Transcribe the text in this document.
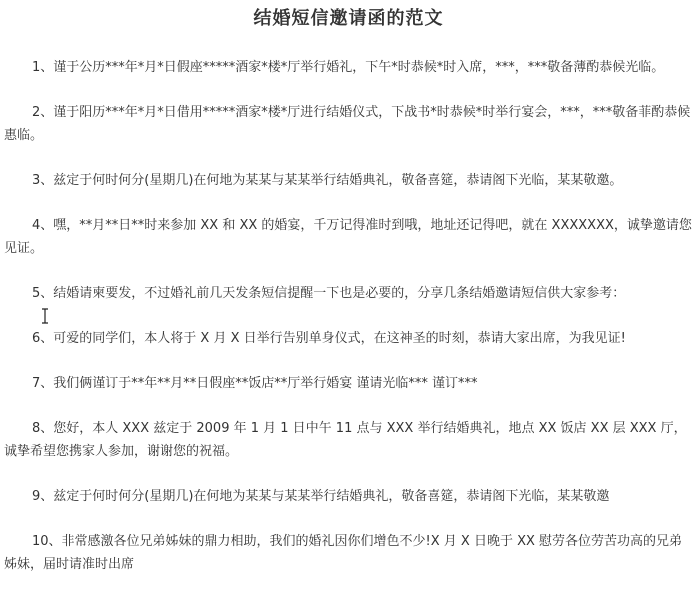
结婚短信邀请函的范文

1、谨于公历***年*月*日假座*****酒家*楼*厅举行婚礼，下午*时恭候*时入席，***，***敬备薄酌恭候光临。

2、谨于阳历***年*月*日借用*****酒家*楼*厅进行结婚仪式，下战书*时恭候*时举行宴会，***，***敬备菲酌恭候惠临。

3、兹定于何时何分(星期几)在何地为某某与某某举行结婚典礼，敬备喜筵，恭请阁下光临，某某敬邀。

4、嘿，**月**日**时来参加 XX 和 XX 的婚宴，千万记得准时到哦，地址还记得吧，就在 XXXXXXX，诚挚邀请您见证。

5、结婚请柬要发，不过婚礼前几天发条短信提醒一下也是必要的，分享几条结婚邀请短信供大家参考：

6、可爱的同学们，本人将于 X 月 X 日举行告别单身仪式，在这神圣的时刻，恭请大家出席，为我见证!

7、我们俩谨订于**年**月**日假座**饭店**厅举行婚宴 谨请光临*** 谨订***

8、您好，本人 XXX 兹定于 2009 年 1 月 1 日中午 11 点与 XXX 举行结婚典礼，地点 XX 饭店 XX 层 XXX 厅，诚挚希望您携家人参加，谢谢您的祝福。

9、兹定于何时何分(星期几)在何地为某某与某某举行结婚典礼，敬备喜筵，恭请阁下光临，某某敬邀

10、非常感激各位兄弟姊妹的鼎力相助，我们的婚礼因你们增色不少!X 月 X 日晚于 XX 慰劳各位劳苦功高的兄弟姊妹，届时请准时出席
